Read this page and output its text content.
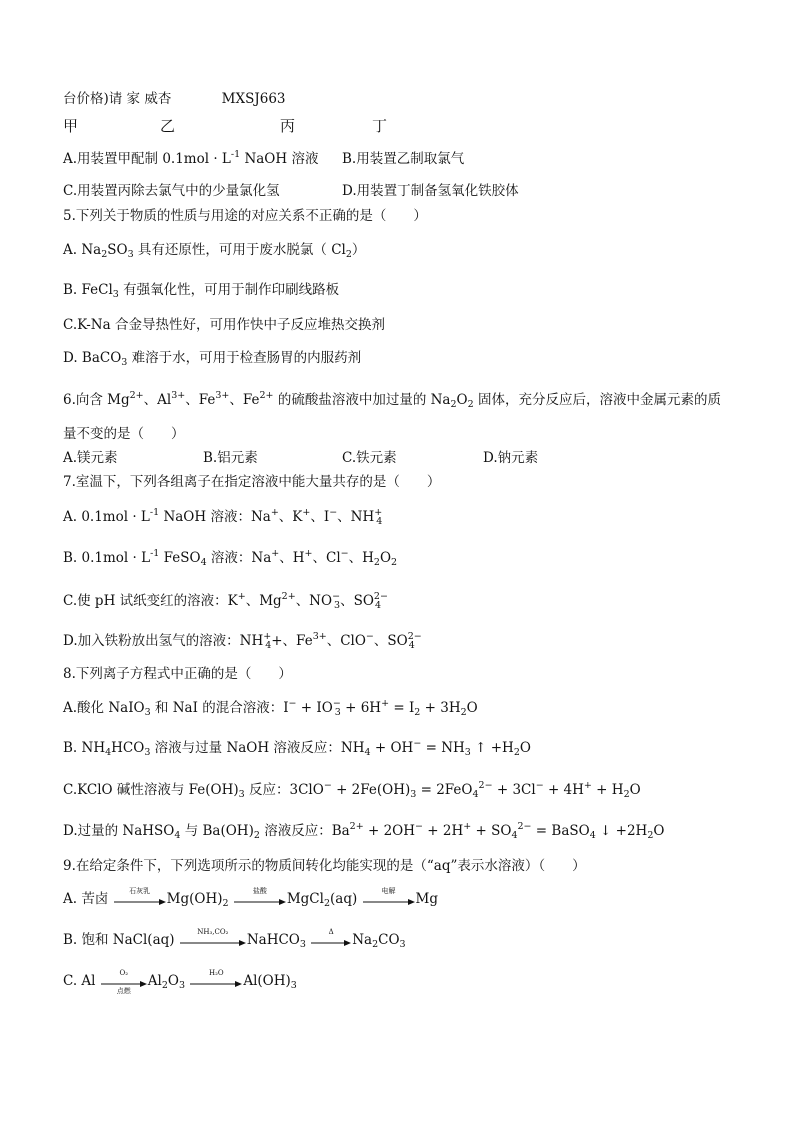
台价格)请 家 威杏	MXSJ663
甲	乙	丙	丁
A.用装置甲配制 $0.1mol \cdot L^{-1}$ NaOH 溶液 B.用装置乙制取氯气
C.用装置丙除去氯气中的少量氯化氢	D.用装置丁制备氢氧化铁胶体
5.下列关于物质的性质与用途的对应关系不正确的是（　　）
A. $Na_2SO_3$ 具有还原性，可用于废水脱氯（ $Cl_2$）
B. FeCl$_3$ 有强氧化性，可用于制作印刷线路板
C.K-Na 合金导热性好，可用作快中子反应堆热交换剂
D. BaCO$_3$ 难溶于水，可用于检查肠胃的内服药剂
6.向含 $Mg^{2+}$、$Al^{3+}$、$Fe^{3+}$、$Fe^{2+}$ 的硫酸盐溶液中加过量的 $Na_2O_2$ 固体，充分反应后，溶液中金属元素的质
量不变的是（　　）
A.镁元素	B.铝元素	C.铁元素	D.钠元素
7.室温下，下列各组离子在指定溶液中能大量共存的是（　　）
A. $0.1mol \cdot L^{-1}$ NaOH 溶液：Na+、K+、I−、$NH^+_4$
B. $0.1mol \cdot L^{-1}$ FeSO$_4$ 溶液：Na+、H+、Cl−、$H_2O_2$
C.使 pH 试纸变红的溶液：K+、$Mg^{2+}$、$NO^-_3$、$SO^{2-}_4$
D.加入铁粉放出氢气的溶液：$NH^+_4+$、$Fe^{3+}$、ClO−、$SO^{2-}_4$
8.下列离子方程式中正确的是（　　）
A.酸化 NaIO$_3$ 和 NaI 的混合溶液：$I^- + IO^-_3 + 6H^+ = I_2 + 3H_2O$
B. $NH_4HCO_3$ 溶液与过量 NaOH 溶液反应：$NH_4 + OH^- = NH_3$ ↑ $+H_2O$
C.KClO 碱性溶液与 $Fe(OH)_3$ 反应：$3ClO^- + 2Fe(OH)_3 = 2FeO_4^{2-} + 3Cl^- + 4H^+ + H_2O$
D.过量的 NaHSO$_4$ 与 $Ba(OH)_2$ 溶液反应：$Ba^{2+} + 2OH^- + 2H^+ + SO_4^{2-}$ = BaSO$_4$ ↓ $+2H_2O$
9.在给定条件下，下列选项所示的物质间转化均能实现的是（“aq”表示水溶液）（　　）
A. 苦卤
石灰乳
$Mg(OH)_2$
盐酸
MgCl$_2$(aq)
电解
Mg
B. 饱和 NaCl(aq)
NH₃,CO₂
NaHCO$_3$
Δ
$Na_2CO_3$
C. Al
O₂
点燃
$Al_2O_3$
H₂O
$Al(OH)_3$
